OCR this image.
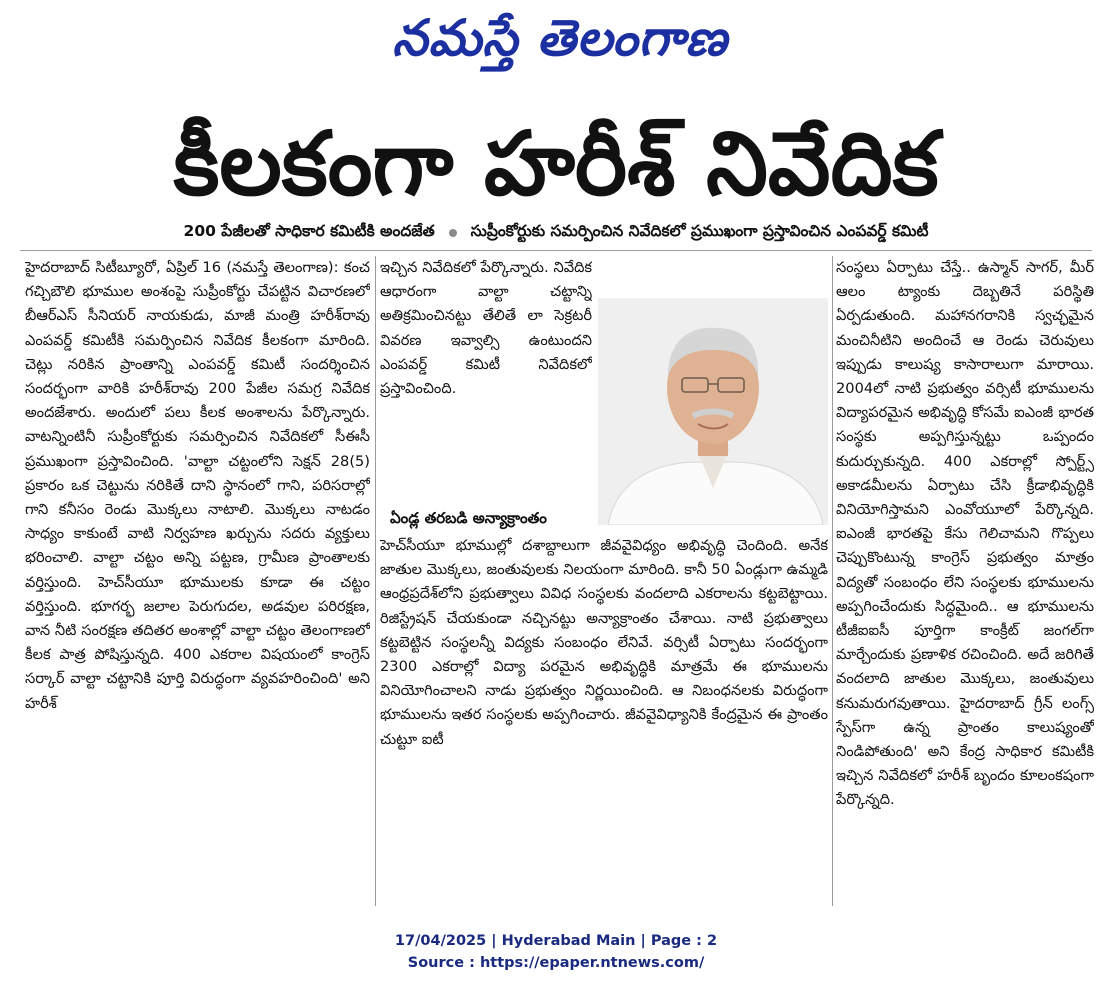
నమస్తే తెలంగాణ
కీలకంగా హరీశ్ నివేదిక
200 పేజీలతో సాధికార కమిటీకి అందజేత సుప్రీంకోర్టుకు సమర్పించిన నివేదికలో ప్రముఖంగా ప్రస్తావించిన ఎంపవర్డ్ కమిటీ

హైదరాబాద్ సిటీబ్యూరో, ఏప్రిల్ 16 (నమస్తే తెలంగాణ): కంచ గచ్చిబౌలి భూముల అంశంపై సుప్రీంకోర్టు చేపట్టిన విచారణలో బీఆర్ఎస్ సీనియర్ నాయకుడు, మాజీ మంత్రి హరీశ్‌రావు ఎంపవర్డ్ కమిటీకి సమర్పించిన నివేదిక కీలకంగా మారింది. చెట్లు నరికిన ప్రాంతాన్ని ఎంపవర్డ్ కమిటీ సందర్శించిన సందర్భంగా వారికి హరీశ్‌రావు 200 పేజీల సమగ్ర నివేదిక అందజేశారు. అందులో పలు కీలక అంశాలను పేర్కొన్నారు. వాటన్నింటినీ సుప్రీంకోర్టుకు సమర్పించిన నివేదికలో సీఈసీ ప్రముఖంగా ప్రస్తావించింది. 'వాల్టా చట్టంలోని సెక్షన్ 28(5) ప్రకారం ఒక చెట్టును నరికితే దాని స్థానంలో గాని, పరిసరాల్లో గాని కనీసం రెండు మొక్కలు నాటాలి. మొక్కలు నాటడం సాధ్యం కాకుంటే వాటి నిర్వహణ ఖర్చును సదరు వ్యక్తులు భరించాలి. వాల్టా చట్టం అన్ని పట్టణ, గ్రామీణ ప్రాంతాలకు వర్తిస్తుంది. హెచ్‌సీయూ భూములకు కూడా ఈ చట్టం వర్తిస్తుంది. భూగర్భ జలాల పెరుగుదల, అడవుల పరిరక్షణ, వాన నీటి సంరక్షణ తదితర అంశాల్లో వాల్టా చట్టం తెలంగాణలో కీలక పాత్ర పోషిస్తున్నది. 400 ఎకరాల విషయంలో కాంగ్రెస్ సర్కార్ వాల్టా చట్టానికి పూర్తి విరుద్ధంగా వ్యవహరించింది' అని హరీశ్

ఇచ్చిన నివేదికలో పేర్కొన్నారు. నివేదిక ఆధారంగా వాల్టా చట్టాన్ని అతిక్రమించినట్టు తేలితే లా సెక్రటరీ వివరణ ఇవ్వాల్సి ఉంటుందని ఎంపవర్డ్ కమిటీ నివేదికలో ప్రస్తావించింది.

ఏండ్ల తరబడి అన్యాక్రాంతం

హెచ్‌సీయూ భూముల్లో దశాబ్దాలుగా జీవవైవిధ్యం అభివృద్ధి చెందింది. అనేక జాతుల మొక్కలు, జంతువులకు నిలయంగా మారింది. కానీ 50 ఏండ్లుగా ఉమ్మడి ఆంధ్రప్రదేశ్‌లోని ప్రభుత్వాలు వివిధ సంస్థలకు వందలాది ఎకరాలను కట్టబెట్టాయి. రిజిస్ట్రేషన్ చేయకుండా నచ్చినట్టు అన్యాక్రాంతం చేశాయి. నాటి ప్రభుత్వాలు కట్టబెట్టిన సంస్థలన్నీ విద్యకు సంబంధం లేనివే. వర్సిటీ ఏర్పాటు సందర్భంగా 2300 ఎకరాల్లో విద్యా పరమైన అభివృద్ధికి మాత్రమే ఈ భూములను వినియోగించాలని నాడు ప్రభుత్వం నిర్ణయించింది. ఆ నిబంధనలకు విరుద్ధంగా భూములను ఇతర సంస్థలకు అప్పగించారు. జీవవైవిధ్యానికి కేంద్రమైన ఈ ప్రాంతం చుట్టూ ఐటీ

సంస్థలు ఏర్పాటు చేస్తే.. ఉస్మాన్ సాగర్, మీర్ ఆలం ట్యాంకు దెబ్బతినే పరిస్థితి ఏర్పడుతుంది. మహానగరానికి స్వచ్ఛమైన మంచినీటిని అందించే ఆ రెండు చెరువులు ఇప్పుడు కాలుష్య కాసారాలుగా మారాయి. 2004లో నాటి ప్రభుత్వం వర్సిటీ భూములను విద్యాపరమైన అభివృద్ధి కోసమే ఐఎంజీ భారత సంస్థకు అప్పగిస్తున్నట్టు ఒప్పందం కుదుర్చుకున్నది. 400 ఎకరాల్లో స్పోర్ట్స్ అకాడమీలను ఏర్పాటు చేసి క్రీడాభివృద్ధికి వినియోగిస్తామని ఎంవోయూలో పేర్కొన్నది. ఐఎంజీ భారతపై కేసు గెలిచామని గొప్పలు చెప్పుకొంటున్న కాంగ్రెస్ ప్రభుత్వం మాత్రం విద్యతో సంబంధం లేని సంస్థలకు భూములను అప్పగించేందుకు సిద్ధమైంది.. ఆ భూములను టీజీఐఐసీ పూర్తిగా కాంక్రీట్ జంగల్‌గా మార్చేందుకు ప్రణాళిక రచించింది. అదే జరిగితే వందలాది జాతుల మొక్కలు, జంతువులు కనుమరుగవుతాయి. హైదరాబాద్ గ్రీన్ లంగ్స్ స్పేస్‌గా ఉన్న ప్రాంతం కాలుష్యంతో నిండిపోతుంది' అని కేంద్ర సాధికార కమిటీకి ఇచ్చిన నివేదికలో హరీశ్ బృందం కూలంకషంగా పేర్కొన్నది.

17/04/2025 | Hyderabad Main | Page : 2
Source : https://epaper.ntnews.com/
